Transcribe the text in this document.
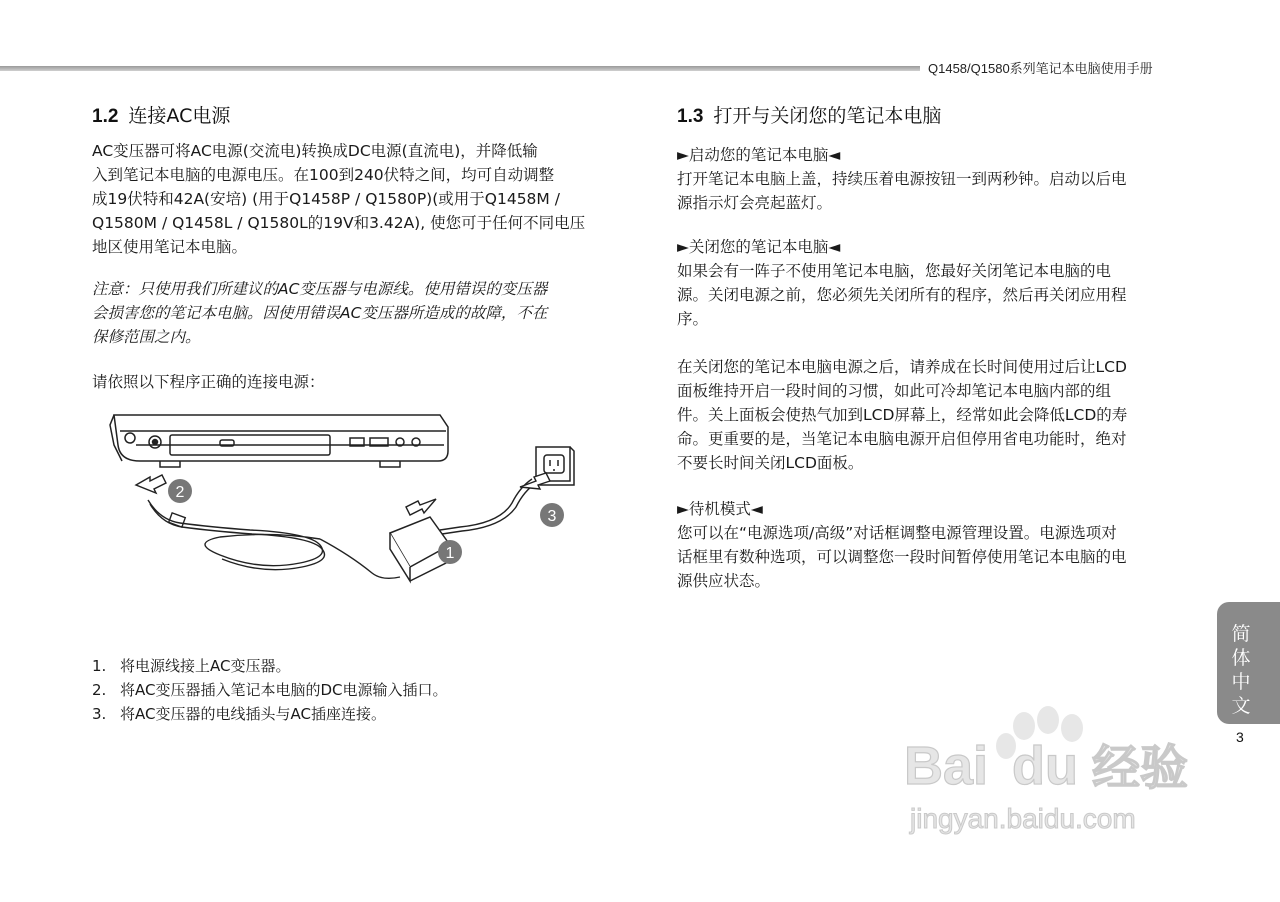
Q1458/Q1580系列笔记本电脑使用手册
1.2 连接AC电源
AC变压器可将AC电源(交流电)转换成DC电源(直流电)，并降低输
入到笔记本电脑的电源电压。在100到240伏特之间，均可自动调整
成19伏特和42A(安培) (用于Q1458P / Q1580P)(或用于Q1458M /
Q1580M / Q1458L / Q1580L的19V和3.42A), 使您可于任何不同电压
地区使用笔记本电脑。
注意：只使用我们所建议的AC变压器与电源线。使用错误的变压器
会损害您的笔记本电脑。因使用错误AC变压器所造成的故障，不在
保修范围之内。
请依照以下程序正确的连接电源：
1
2
3
1. 将电源线接上AC变压器。
2. 将AC变压器插入笔记本电脑的DC电源输入插口。
3. 将AC变压器的电线插头与AC插座连接。
1.3 打开与关闭您的笔记本电脑
►启动您的笔记本电脑◄
打开笔记本电脑上盖，持续压着电源按钮一到两秒钟。启动以后电
源指示灯会亮起蓝灯。
►关闭您的笔记本电脑◄
如果会有一阵子不使用笔记本电脑，您最好关闭笔记本电脑的电
源。关闭电源之前，您必须先关闭所有的程序，然后再关闭应用程
序。
在关闭您的笔记本电脑电源之后，请养成在长时间使用过后让LCD
面板维持开启一段时间的习惯，如此可冷却笔记本电脑内部的组
件。关上面板会使热气加到LCD屏幕上，经常如此会降低LCD的寿
命。更重要的是，当笔记本电脑电源开启但停用省电功能时，绝对
不要长时间关闭LCD面板。
►待机模式◄
您可以在“电源选项/高级”对话框调整电源管理设置。电源选项对
话框里有数种选项，可以调整您一段时间暂停使用笔记本电脑的电
源供应状态。
简体中文
3
Bai du 经验
jingyan.baidu.com
